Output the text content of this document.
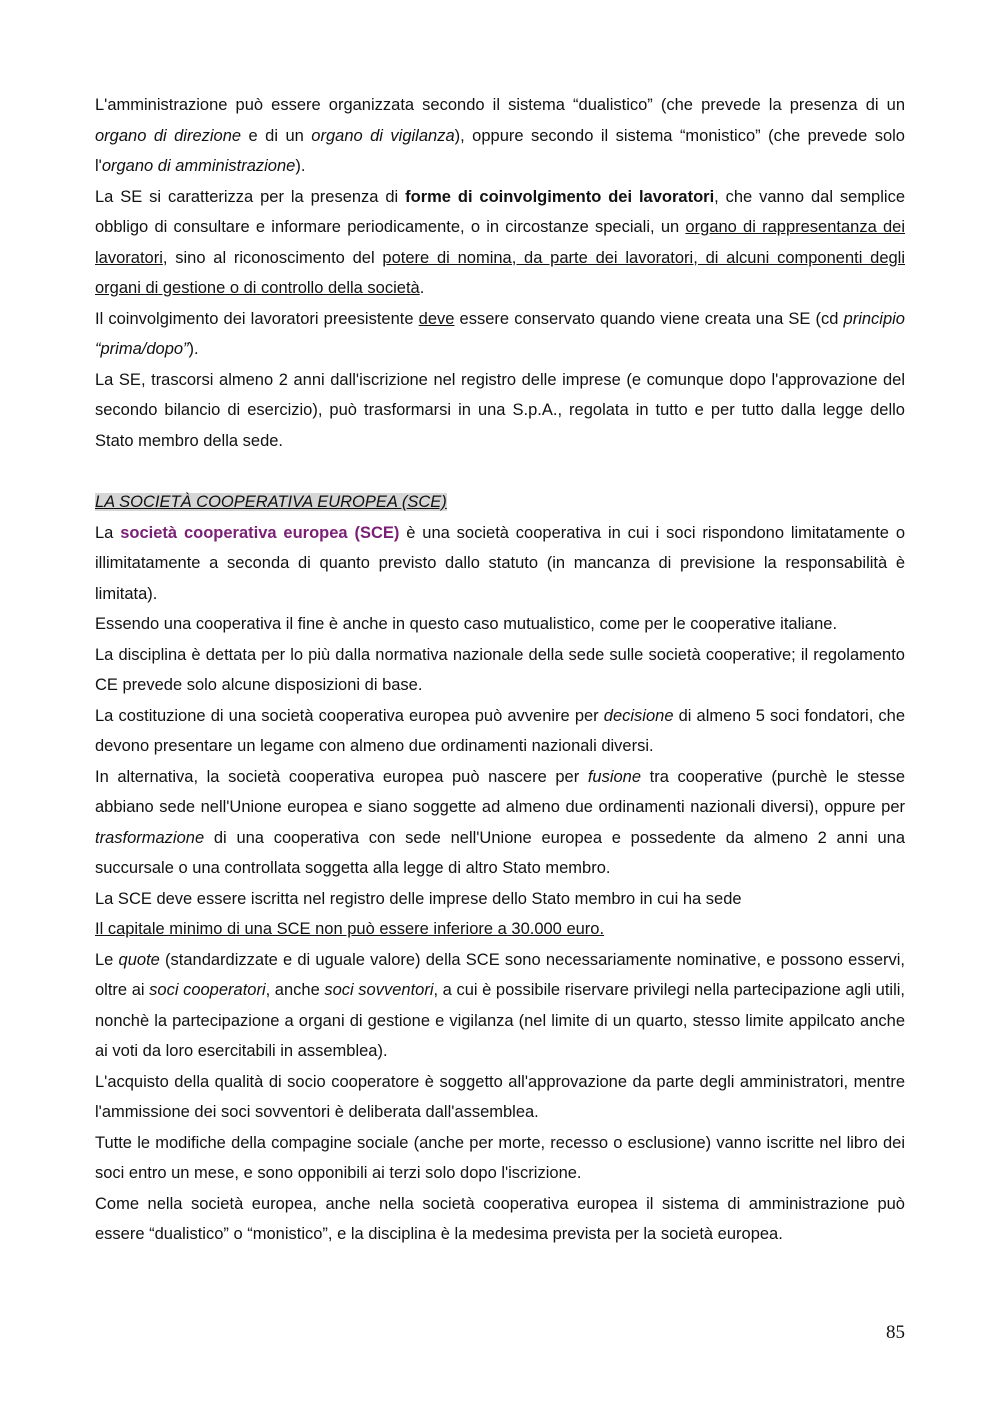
L'amministrazione può essere organizzata secondo il sistema “dualistico” (che prevede la presenza di un organo di direzione e di un organo di vigilanza), oppure secondo il sistema “monistico” (che prevede solo l'organo di amministrazione).

La SE si caratterizza per la presenza di forme di coinvolgimento dei lavoratori, che vanno dal semplice obbligo di consultare e informare periodicamente, o in circostanze speciali, un organo di rappresentanza dei lavoratori, sino al riconoscimento del potere di nomina, da parte dei lavoratori, di alcuni componenti degli organi di gestione o di controllo della società.

Il coinvolgimento dei lavoratori preesistente deve essere conservato quando viene creata una SE (cd principio “prima/dopo”).

La SE, trascorsi almeno 2 anni dall'iscrizione nel registro delle imprese (e comunque dopo l'approvazione del secondo bilancio di esercizio), può trasformarsi in una S.p.A., regolata in tutto e per tutto dalla legge dello Stato membro della sede.

LA SOCIETÀ COOPERATIVA EUROPEA (SCE)

La società cooperativa europea (SCE) è una società cooperativa in cui i soci rispondono limitatamente o illimitatamente a seconda di quanto previsto dallo statuto (in mancanza di previsione la responsabilità è limitata).

Essendo una cooperativa il fine è anche in questo caso mutualistico, come per le cooperative italiane.

La disciplina è dettata per lo più dalla normativa nazionale della sede sulle società cooperative; il regolamento CE prevede solo alcune disposizioni di base.

La costituzione di una società cooperativa europea può avvenire per decisione di almeno 5 soci fondatori, che devono presentare un legame con almeno due ordinamenti nazionali diversi.

In alternativa, la società cooperativa europea può nascere per fusione tra cooperative (purchè le stesse abbiano sede nell'Unione europea e siano soggette ad almeno due ordinamenti nazionali diversi), oppure per trasformazione di una cooperativa con sede nell'Unione europea e possedente da almeno 2 anni una succursale o una controllata soggetta alla legge di altro Stato membro.

La SCE deve essere iscritta nel registro delle imprese dello Stato membro in cui ha sede

Il capitale minimo di una SCE non può essere inferiore a 30.000 euro.

Le quote (standardizzate e di uguale valore) della SCE sono necessariamente nominative, e possono esservi, oltre ai soci cooperatori, anche soci sovventori, a cui è possibile riservare privilegi nella partecipazione agli utili, nonchè la partecipazione a organi di gestione e vigilanza (nel limite di un quarto, stesso limite appilcato anche ai voti da loro esercitabili in assemblea).

L'acquisto della qualità di socio cooperatore è soggetto all'approvazione da parte degli amministratori, mentre l'ammissione dei soci sovventori è deliberata dall'assemblea.

Tutte le modifiche della compagine sociale (anche per morte, recesso o esclusione) vanno iscritte nel libro dei soci entro un mese, e sono opponibili ai terzi solo dopo l'iscrizione.

Come nella società europea, anche nella società cooperativa europea il sistema di amministrazione può essere “dualistico” o “monistico”, e la disciplina è la medesima prevista per la società europea.

85
